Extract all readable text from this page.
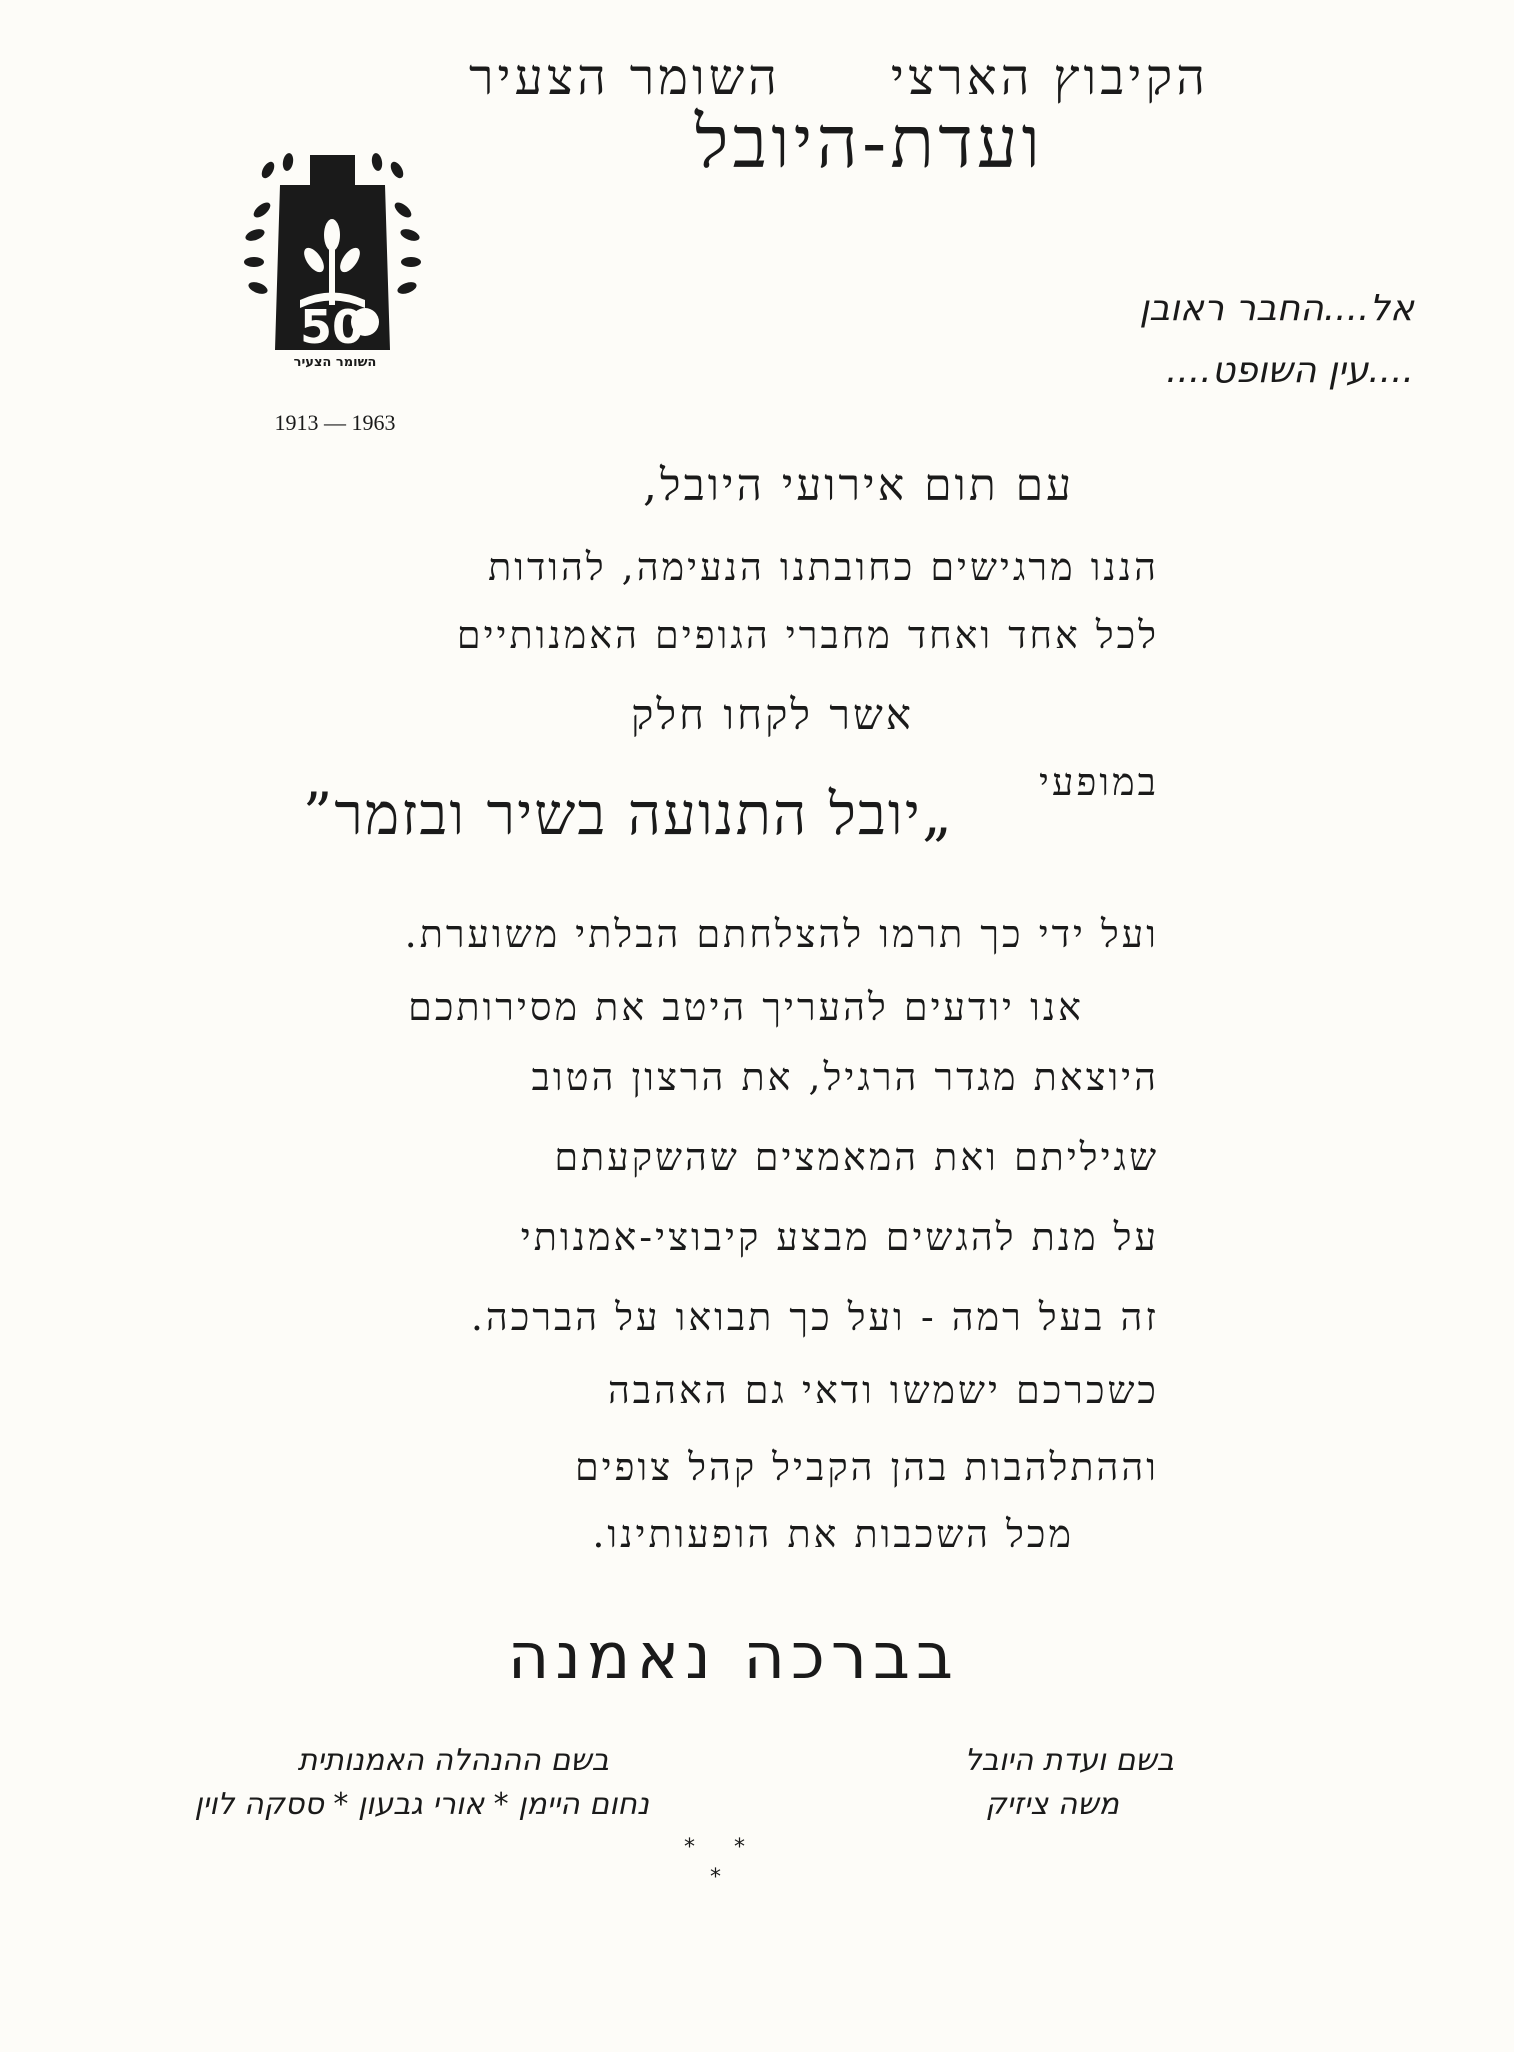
הקיבוץ הארציהשומר הצעיר
ועדת-היובל
50
השומר הצעיר
1913 — 1963
אל....החבר ראובן
....עין השופט....
עם תום אירועי היובל,
הננו מרגישים כחובתנו הנעימה, להודות
לכל אחד ואחד מחברי הגופים האמנותיים
אשר לקחו חלק
במופעי
„יובל התנועה בשיר ובזמר”
ועל ידי כך תרמו להצלחתם הבלתי משוערת.
אנו יודעים להעריך היטב את מסירותכם
היוצאת מגדר הרגיל, את הרצון הטוב
שגיליתם ואת המאמצים שהשקעתם
על מנת להגשים מבצע קיבוצי-אמנותי
זה בעל רמה - ועל כך תבואו על הברכה.
כשכרכם ישמשו ודאי גם האהבה
וההתלהבות בהן הקביל קהל צופים
מכל השכבות את הופעותינו.
בברכה נאמנה
בשם ועדת היובל
משה ציזיק
בשם ההנהלה האמנותית
נחום היימן * אורי גבעון * ססקה לוין
* *
*
